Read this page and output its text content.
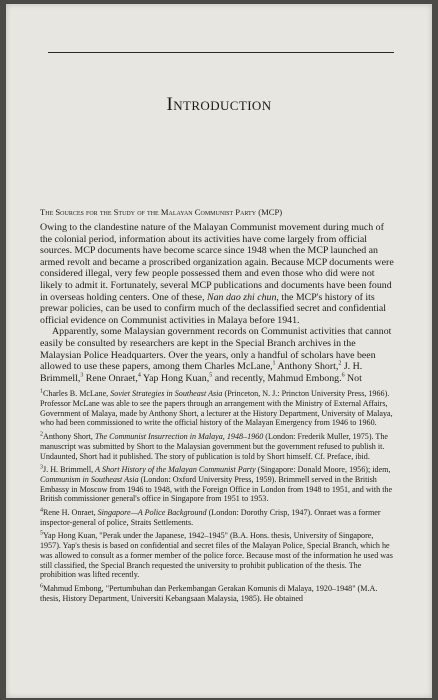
Introduction
The Sources for the Study of the Malayan Communist Party (MCP)

Owing to the clandestine nature of the Malayan Communist movement during much of the colonial period, information about its activities have come largely from official sources. MCP documents have become scarce since 1948 when the MCP launched an armed revolt and became a proscribed organization again. Because MCP documents were considered illegal, very few people possessed them and even those who did were not likely to admit it. Fortunately, several MCP publications and documents have been found in overseas holding centers. One of these, Nan dao zhi chun, the MCP's history of its prewar policies, can be used to confirm much of the declassified secret and confidential official evidence on Communist activities in Malaya before 1941.

Apparently, some Malaysian government records on Communist activities that cannot easily be consulted by researchers are kept in the Special Branch archives in the Malaysian Police Headquarters. Over the years, only a handful of scholars have been allowed to use these papers, among them Charles McLane,$^1$ Anthony Short,$^2$ J. H. Brimmell,$^3$ Rene Onraet,$^4$ Yap Hong Kuan,$^5$ and recently, Mahmud Embong.$^6$ Not

$^1$Charles B. McLane, Soviet Strategies in Southeast Asia (Princeton, N. J.: Princton University Press, 1966). Professor McLane was able to see the papers through an arrangement with the Ministry of External Affairs, Government of Malaya, made by Anthony Short, a lecturer at the History Department, University of Malaya, who had been commissioned to write the official history of the Malayan Emergency from 1946 to 1960.

$^2$Anthony Short, The Communist Insurrection in Malaya, 1948–1960 (London: Frederik Muller, 1975). The manuscript was submitted by Short to the Malaysian government but the government refused to publish it. Undaunted, Short had it published. The story of publication is told by Short himself. Cf. Preface, ibid.

$^3$J. H. Brimmell, A Short History of the Malayan Communist Party (Singapore: Donald Moore, 1956); idem, Communism in Southeast Asia (London: Oxford University Press, 1959). Brimmell served in the British Embassy in Moscow from 1946 to 1948, with the Foreign Office in London from 1948 to 1951, and with the British commissioner general's office in Singapore from 1951 to 1953.

$^4$Rene H. Onraet, Singapore—A Police Background (London: Dorothy Crisp, 1947). Onraet was a former inspector-general of police, Straits Settlements.

$^5$Yap Hong Kuan, "Perak under the Japanese, 1942–1945" (B.A. Hons. thesis, University of Singapore, 1957). Yap's thesis is based on confidential and secret files of the Malayan Police, Special Branch, which he was allowed to consult as a former member of the police force. Because most of the information he used was still classified, the Special Branch requested the university to prohibit publication of the thesis. The prohibition was lifted recently.

$^6$Mahmud Embong, "Pertumbuhan dan Perkembangan Gerakan Komunis di Malaya, 1920–1948" (M.A. thesis, History Department, Universiti Kebangsaan Malaysia, 1985). He obtained
